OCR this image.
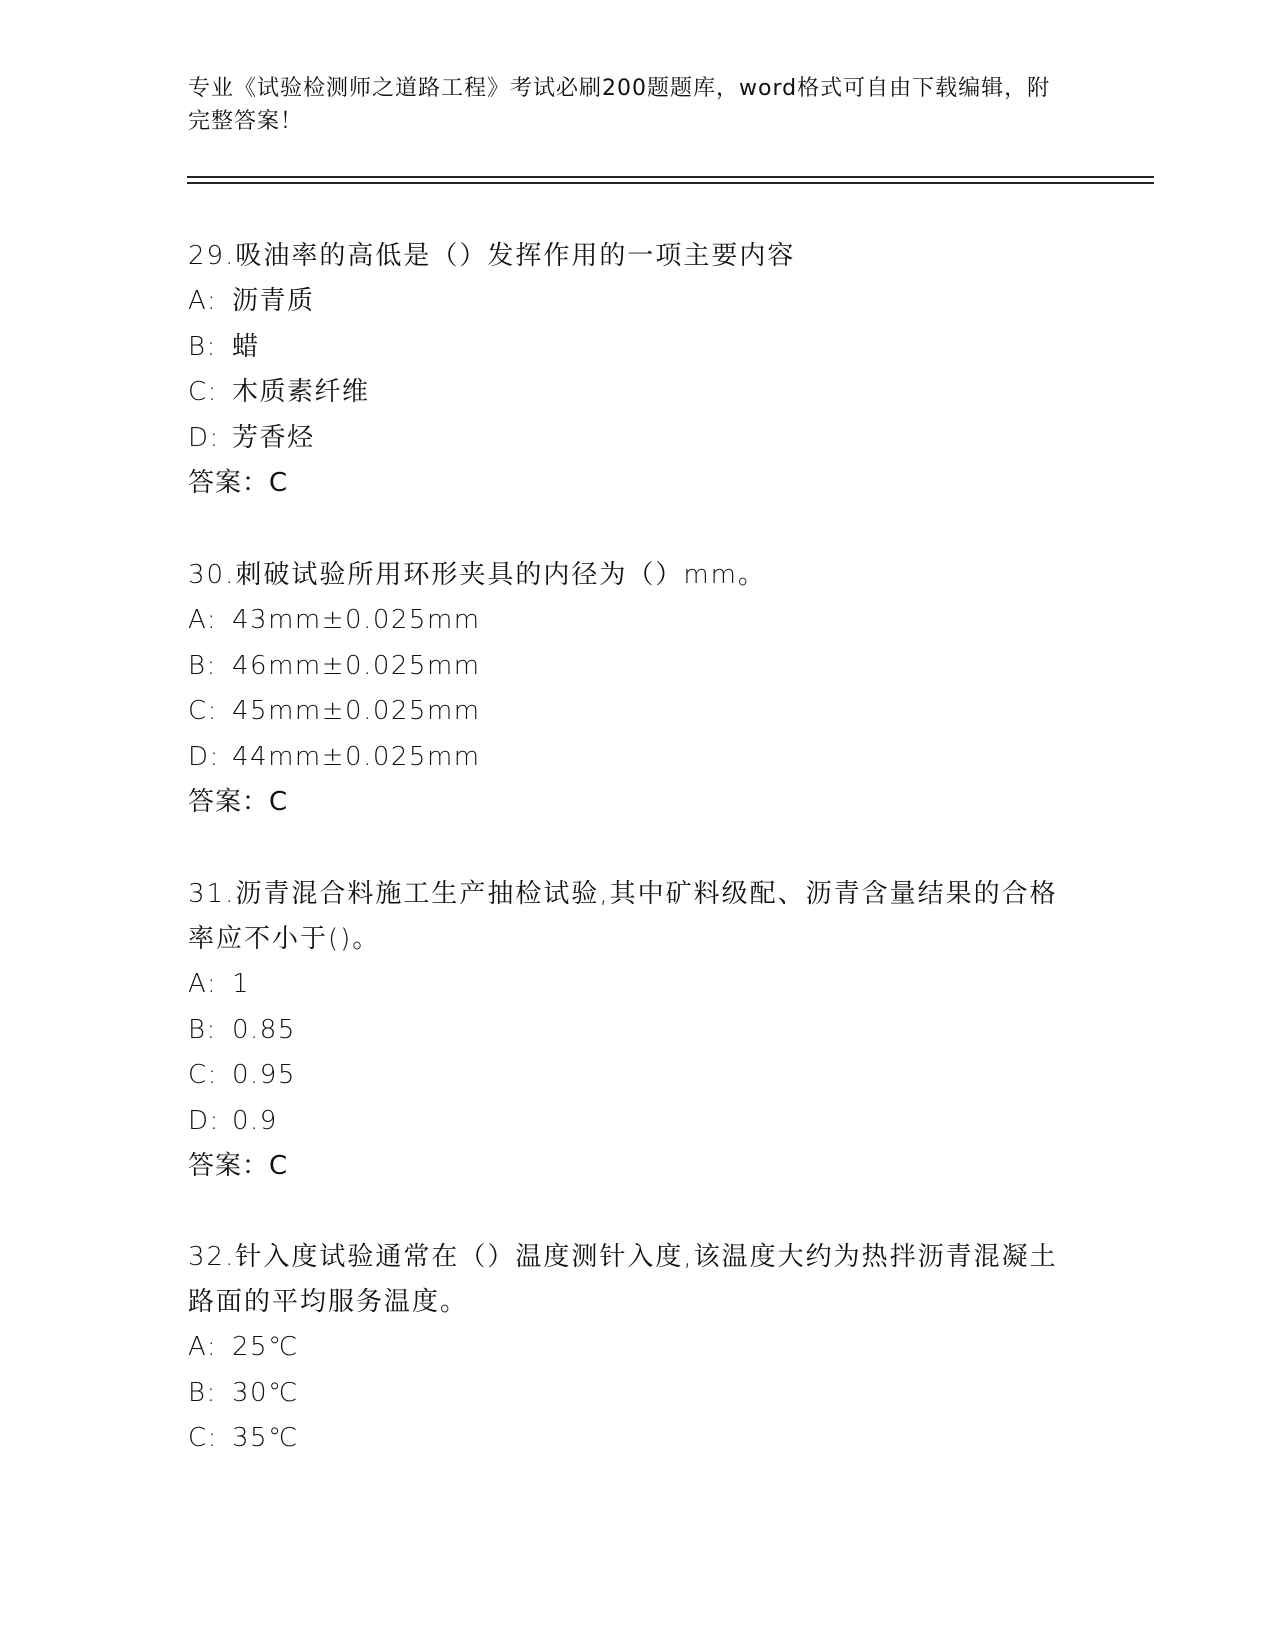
专业《试验检测师之道路工程》考试必刷200题题库，word格式可自由下载编辑，附完整答案！

29.吸油率的高低是（）发挥作用的一项主要内容

A: 沥青质

B: 蜡

C: 木质素纤维

D: 芳香烃

答案：C

30.刺破试验所用环形夹具的内径为（）mm。

A: 43mm±0.025mm

B: 46mm±0.025mm

C: 45mm±0.025mm

D: 44mm±0.025mm

答案：C

31.沥青混合料施工生产抽检试验,其中矿料级配、沥青含量结果的合格率应不小于()。

A: 1

B: 0.85

C: 0.95

D: 0.9

答案：C

32.针入度试验通常在（）温度测针入度,该温度大约为热拌沥青混凝土路面的平均服务温度。

A: 25℃

B: 30℃

C: 35℃
